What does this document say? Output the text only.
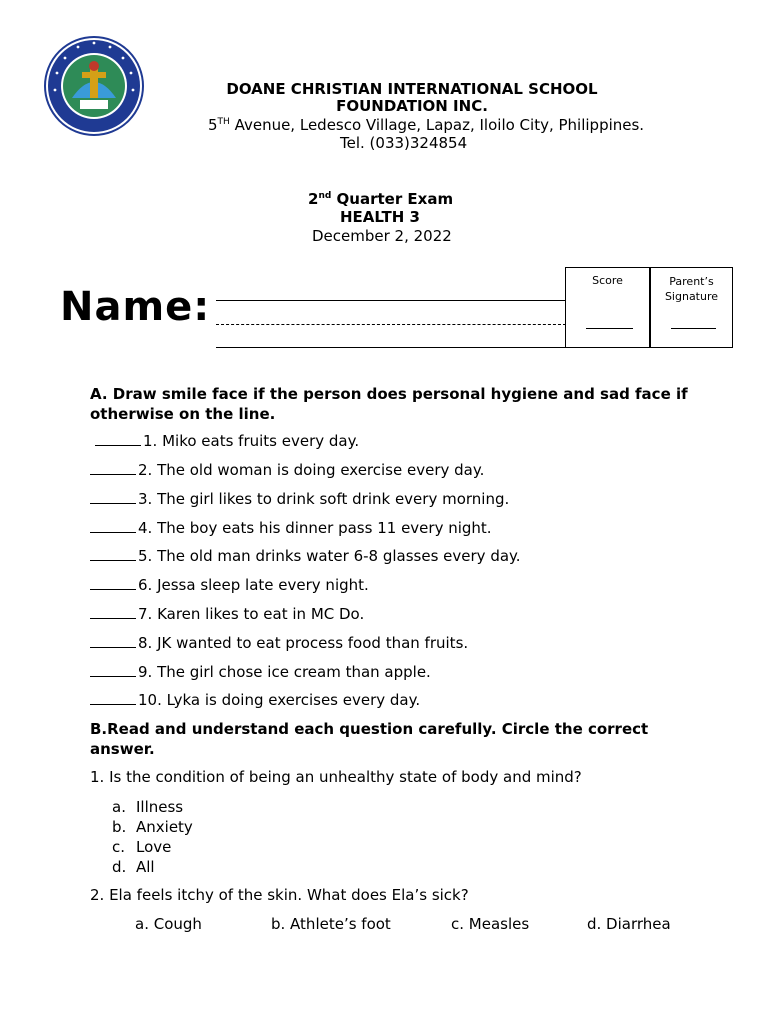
DOANE CHRISTIAN INTERNATIONAL SCHOOL
FOUNDATION INC.
5TH Avenue, Ledesco Village, Lapaz, Iloilo City, Philippines.
Tel. (033)324854
2nd Quarter Exam
HEALTH 3
December 2, 2022
Name:
Score	Parent’s
Signature
A. Draw smile face if the person does personal hygiene and sad face if otherwise on the line.
1. Miko eats fruits every day.
2. The old woman is doing exercise every day.
3. The girl likes to drink soft drink every morning.
4. The boy eats his dinner pass 11 every night.
5. The old man drinks water 6-8 glasses every day.
6. Jessa sleep late every night.
7. Karen likes to eat in MC Do.
8. JK wanted to eat process food than fruits.
9. The girl chose ice cream than apple.
10. Lyka is doing exercises every day.
B.Read and understand each question carefully. Circle the correct answer.
1. Is the condition of being an unhealthy state of body and mind?
a. Illness
b. Anxiety
c. Love
d. All
2. Ela feels itchy of the skin. What does Ela’s sick?
a. Cough	b. Athlete’s foot	c. Measles	d. Diarrhea
